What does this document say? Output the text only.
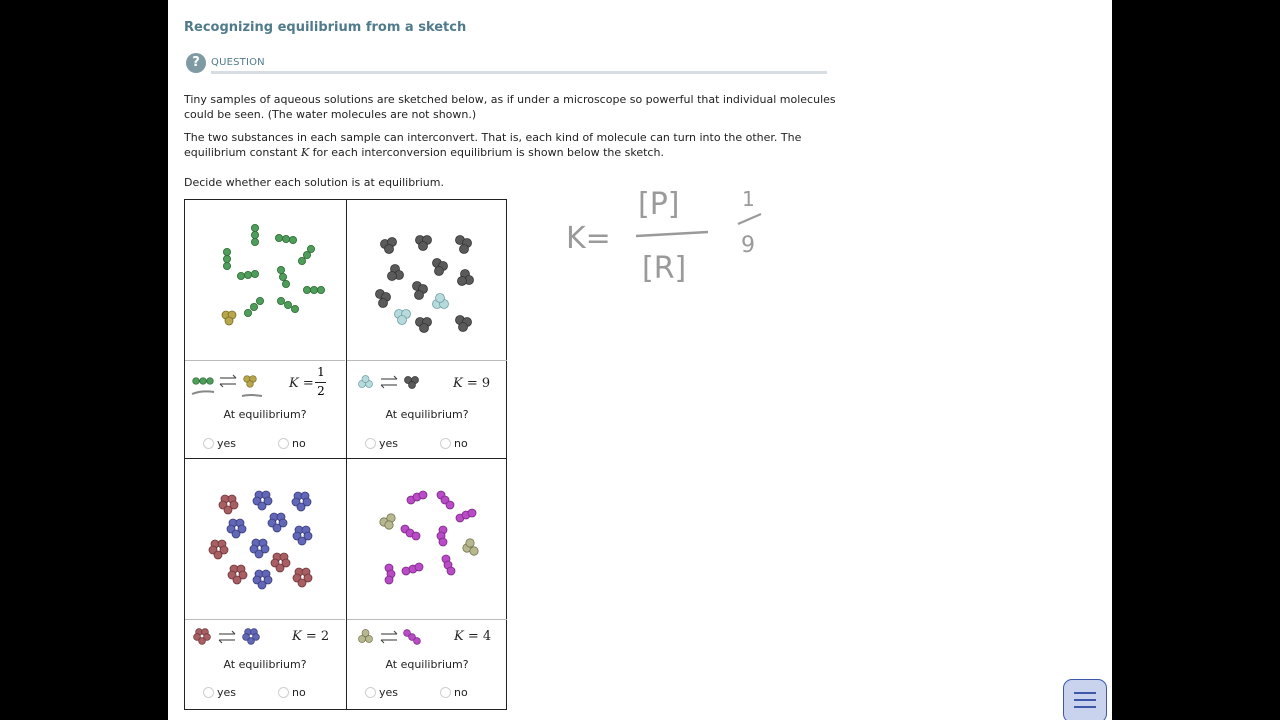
Recognizing equilibrium from a sketch
?	QUESTION
Tiny samples of aqueous solutions are sketched below, as if under a microscope so powerful that individual molecules could be seen. (The water molecules are not shown.)
The two substances in each sample can interconvert. That is, each kind of molecule can turn into the other. The equilibrium constant K for each interconversion equilibrium is shown below the sketch.
Decide whether each solution is at equilibrium.
K =
1
2
At equilibrium?
yes	no
K = 9
At equilibrium?
yes	no
K = 2
At equilibrium?
yes	no
K = 4
At equilibrium?
yes	no
K=
[P]
[R]
1
9
